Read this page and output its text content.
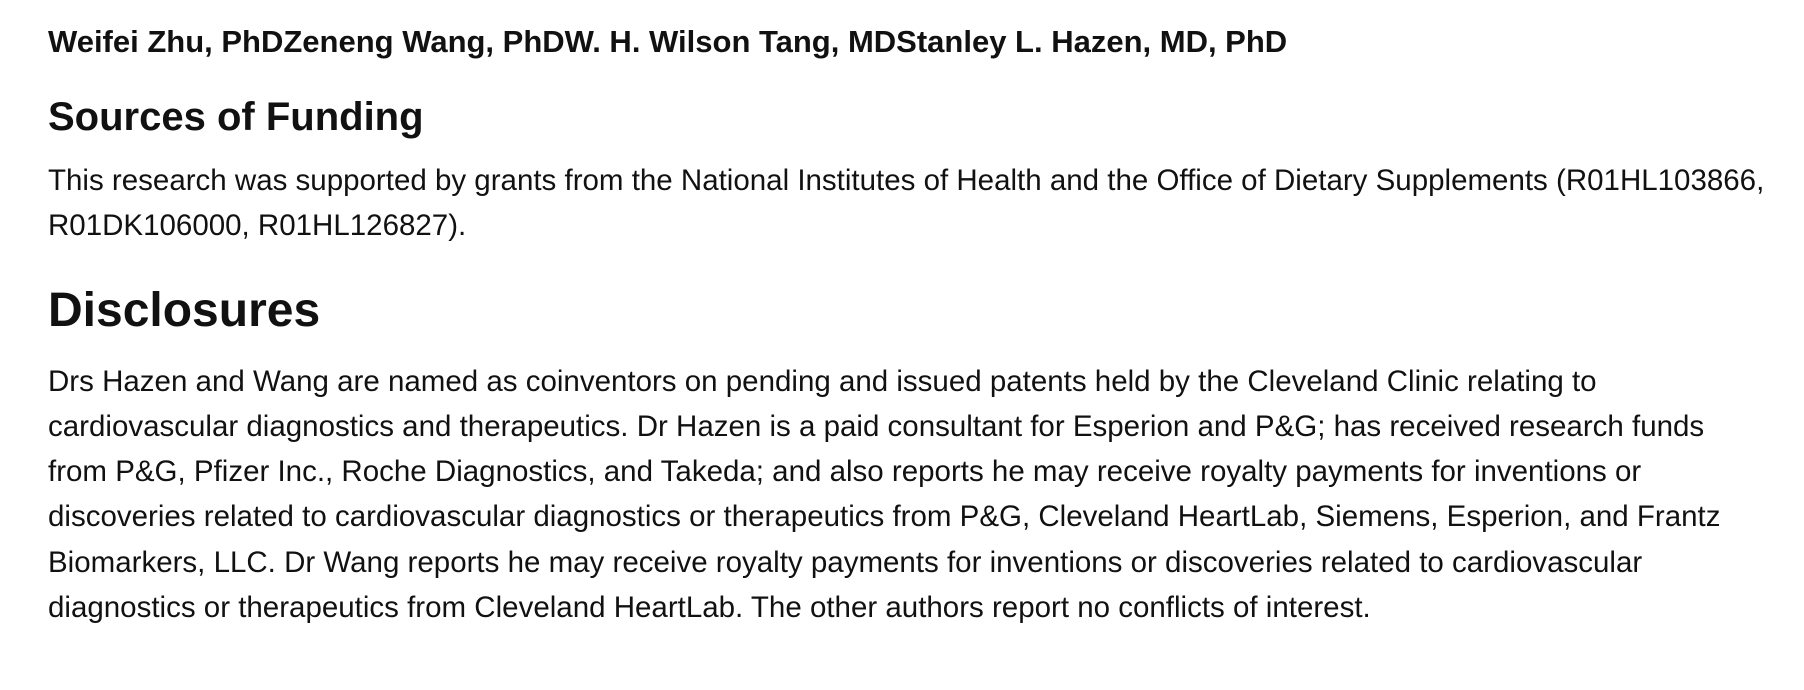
Weifei Zhu, PhDZeneng Wang, PhDW. H. Wilson Tang, MDStanley L. Hazen, MD, PhD

Sources of Funding

This research was supported by grants from the National Institutes of Health and the Office of Dietary Supplements (R01HL103866, R01DK106000, R01HL126827).

Disclosures

Drs Hazen and Wang are named as coinventors on pending and issued patents held by the Cleveland Clinic relating to cardiovascular diagnostics and therapeutics. Dr Hazen is a paid consultant for Esperion and P&G; has received research funds from P&G, Pfizer Inc., Roche Diagnostics, and Takeda; and also reports he may receive royalty payments for inventions or discoveries related to cardiovascular diagnostics or therapeutics from P&G, Cleveland HeartLab, Siemens, Esperion, and Frantz Biomarkers, LLC. Dr Wang reports he may receive royalty payments for inventions or discoveries related to cardiovascular diagnostics or therapeutics from Cleveland HeartLab. The other authors report no conflicts of interest.
